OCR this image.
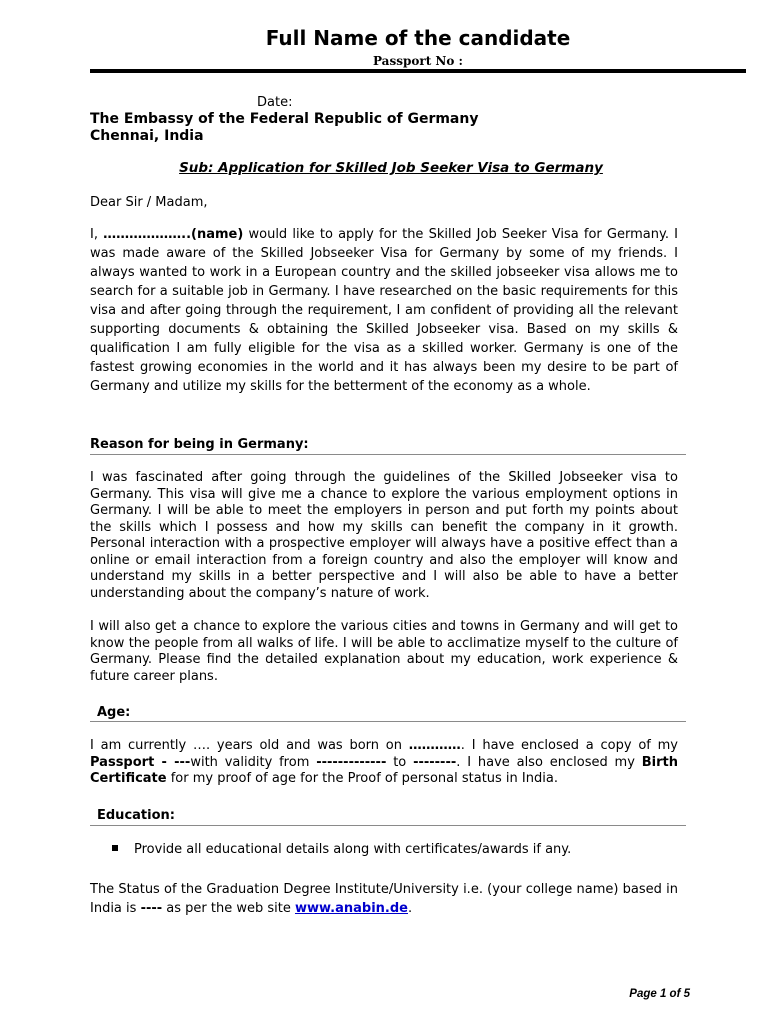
Full Name of the candidate
Passport No :
Date:
The Embassy of the Federal Republic of Germany
Chennai, India
Sub: Application for Skilled Job Seeker Visa to Germany
Dear Sir / Madam,
I, ………………..(name) would like to apply for the Skilled Job Seeker Visa for Germany. I was made aware of the Skilled Jobseeker Visa for Germany by some of my friends. I always wanted to work in a European country and the skilled jobseeker visa allows me to search for a suitable job in Germany. I have researched on the basic requirements for this visa and after going through the requirement, I am confident of providing all the relevant supporting documents & obtaining the Skilled Jobseeker visa. Based on my skills & qualification I am fully eligible for the visa as a skilled worker. Germany is one of the fastest growing economies in the world and it has always been my desire to be part of Germany and utilize my skills for the betterment of the economy as a whole.
Reason for being in Germany:
I was fascinated after going through the guidelines of the Skilled Jobseeker visa to Germany. This visa will give me a chance to explore the various employment options in Germany. I will be able to meet the employers in person and put forth my points about the skills which I possess and how my skills can benefit the company in it growth. Personal interaction with a prospective employer will always have a positive effect than a online or email interaction from a foreign country and also the employer will know and understand my skills in a better perspective and I will also be able to have a better understanding about the company’s nature of work.
I will also get a chance to explore the various cities and towns in Germany and will get to know the people from all walks of life. I will be able to acclimatize myself to the culture of Germany. Please find the detailed explanation about my education, work experience & future career plans.
Age:
I am currently …. years old and was born on …………. I have enclosed a copy of my Passport - ---with validity from ------------- to --------. I have also enclosed my Birth Certificate for my proof of age for the Proof of personal status in India.
Education:
Provide all educational details along with certificates/awards if any.
The Status of the Graduation Degree Institute/University i.e. (your college name) based in India is ---- as per the web site www.anabin.de.
Page 1 of 5
